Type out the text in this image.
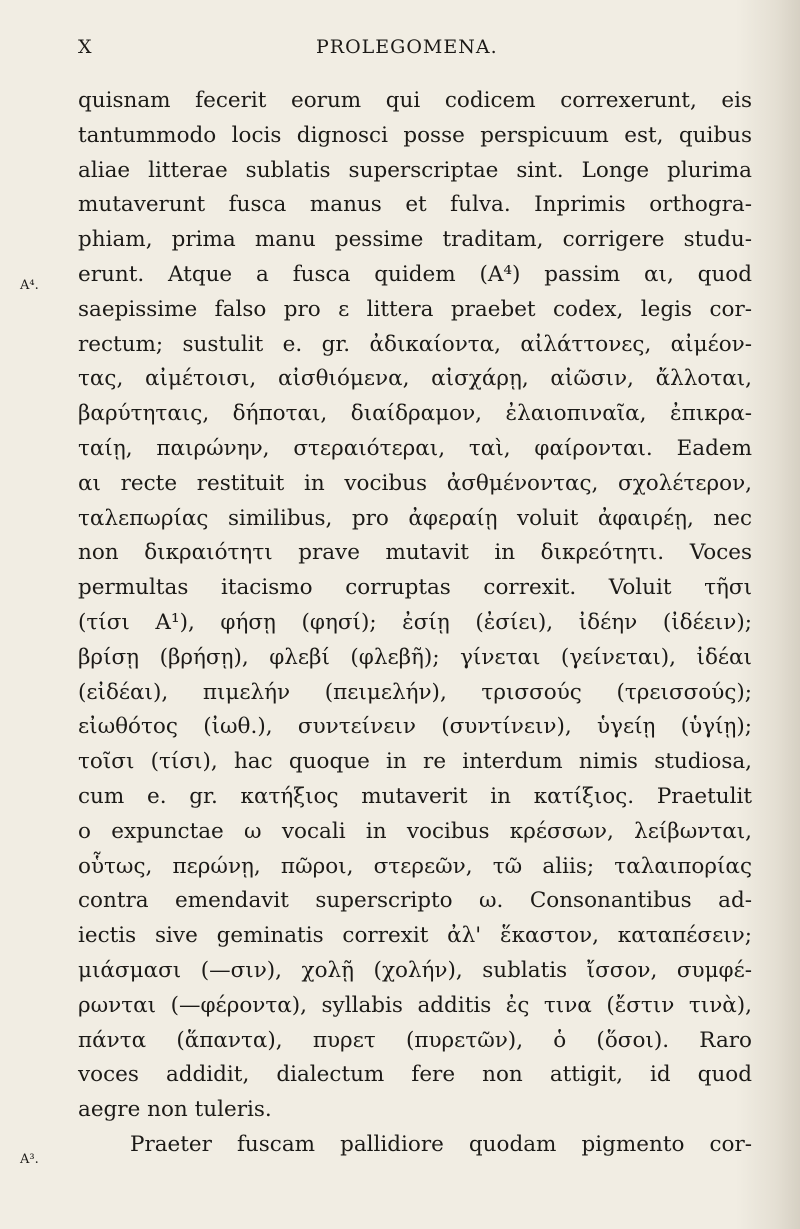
X	PROLEGOMENA.
A⁴.
A³.
quisnam fecerit eorum qui codicem correxerunt, eis
tantummodo locis dignosci posse perspicuum est, quibus
aliae litterae sublatis superscriptae sint. Longe plurima
mutaverunt fusca manus et fulva. Inprimis orthogra-
phiam, prima manu pessime traditam, corrigere studu-
erunt. Atque a fusca quidem (A⁴) passim αι, quod
saepissime falso pro ε littera praebet codex, legis cor-
rectum; sustulit e. gr. ἀδικαίοντα, αἰλάττονες, αἰμέον-
τας, αἰμέτοισι, αἰσθιόμενα, αἰσχάρῃ, αἰῶσιν, ἄλλοται,
βαρύτηταις, δήποται, διαίδραμον, ἐλαιοπιναῖα, ἐπικρα-
ταίῃ, παιρώνην, στεραιότεραι, ταὶ, φαίρονται. Eadem
αι recte restituit in vocibus ἀσθμένοντας, σχολέτερον,
ταλεπωρίας similibus, pro ἀφεραίῃ voluit ἀφαιρέῃ, nec
non δικραιότητι prave mutavit in δικρεότητι. Voces
permultas itacismo corruptas correxit. Voluit τῆσι
(τίσι A¹), φήσῃ (φησί); ἐσίῃ (ἐσίει), ἰδέην (ἰδέειν);
βρίσῃ (βρήσῃ), φλεβί (φλεβῆ); γίνεται (γείνεται), ἰδέαι
(εἰδέαι), πιμελήν (πειμελήν), τρισσούς (τρεισσούς);
εἰωθότος (ἰωθ.), συντείνειν (συντίνειν), ὑγείῃ (ὑγίῃ);
τοῖσι (τίσι), hac quoque in re interdum nimis studiosa,
cum e. gr. κατήξιος mutaverit in κατίξιος. Praetulit
ο expunctae ω vocali in vocibus κρέσσων, λείβωνται,
οὗτως, περώνῃ, πῶροι, στερεῶν, τῶ aliis; ταλαιπορίας
contra emendavit superscripto ω. Consonantibus ad-
iectis sive geminatis correxit ἀλ' ἕκαστον, καταπέσειν;
μιάσμασι (—σιν), χολῇ (χολήν), sublatis ἴσσον, συμφέ-
ρωνται (—φέροντα), syllabis additis ἐς τινα (ἔστιν τινὰ),
πάντα (ἅπαντα), πυρετ (πυρετῶν), ὁ (ὅσοι). Raro
voces addidit, dialectum fere non attigit, id quod
aegre non tuleris.
Praeter fuscam pallidiore quodam pigmento cor-
